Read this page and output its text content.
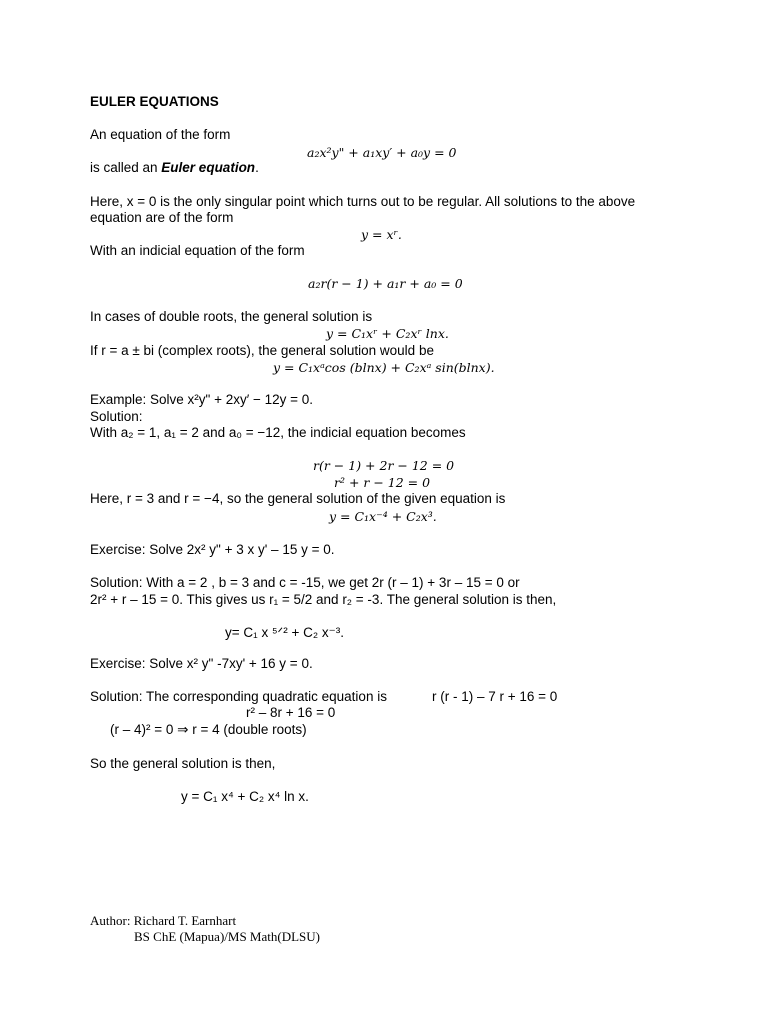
EULER EQUATIONS
An equation of the form
a₂x²y" + a₁xy′ + a₀y = 0
is called an Euler equation.
Here, x = 0 is the only singular point which turns out to be regular. All solutions to the above
equation are of the form
y = xʳ.
With an indicial equation of the form
a₂r(r − 1) + a₁r + a₀ = 0
In cases of double roots, the general solution is
y = C₁xʳ + C₂xʳ lnx.
If r = a ± bi (complex roots), the general solution would be
y = C₁xᵃcos (blnx) + C₂xᵃ sin(blnx).
Example: Solve x²y" + 2xy′ − 12y = 0.
Solution:
With a₂ = 1, a₁ = 2 and a₀ = −12, the indicial equation becomes
r(r − 1) + 2r − 12 = 0
r² + r − 12 = 0
Here, r = 3 and r = −4, so the general solution of the given equation is
y = C₁x⁻⁴ + C₂x³.
Exercise: Solve 2x² y" + 3 x y' – 15 y = 0.
Solution: With a = 2 , b = 3 and c = -15, we get 2r (r – 1) + 3r – 15 = 0 or
2r² + r – 15 = 0. This gives us r₁ = 5/2 and r₂ = -3. The general solution is then,
y= C₁ x ⁵ᐟ² + C₂ x⁻³.
Exercise: Solve x² y" -7xy' + 16 y = 0.
Solution: The corresponding quadratic equation is	r (r - 1) – 7 r + 16 = 0
r² – 8r + 16 = 0
(r – 4)² = 0 ⇒ r = 4 (double roots)
So the general solution is then,
y = C₁ x⁴ + C₂ x⁴ ln x.
Author: Richard T. Earnhart
BS ChE (Mapua)/MS Math(DLSU)
